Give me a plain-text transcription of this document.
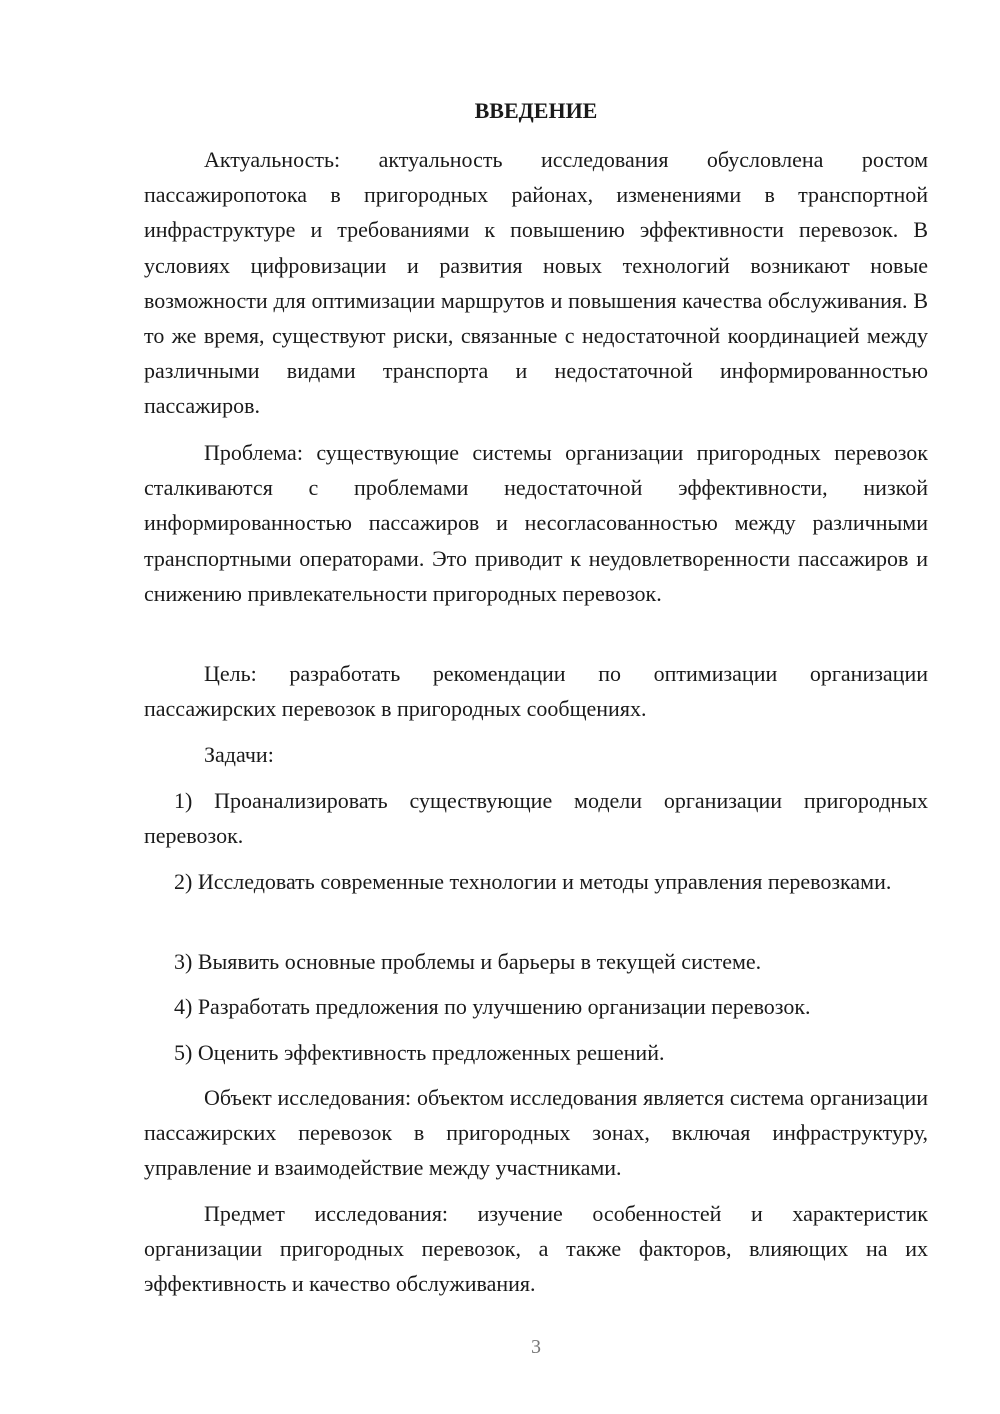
ВВЕДЕНИЕ

Актуальность: актуальность исследования обусловлена ростом пассажиропотока в пригородных районах, изменениями в транспортной инфраструктуре и требованиями к повышению эффективности перевозок. В условиях цифровизации и развития новых технологий возникают новые возможности для оптимизации маршрутов и повышения качества обслуживания. В то же время, существуют риски, связанные с недостаточной координацией между различными видами транспорта и недостаточной информированностью пассажиров.

Проблема: существующие системы организации пригородных перевозок сталкиваются с проблемами недостаточной эффективности, низкой информированностью пассажиров и несогласованностью между различными транспортными операторами. Это приводит к неудовлетворенности пассажиров и снижению привлекательности пригородных перевозок.

Цель: разработать рекомендации по оптимизации организации пассажирских перевозок в пригородных сообщениях.

Задачи:

1) Проанализировать существующие модели организации пригородных перевозок.

2) Исследовать современные технологии и методы управления перевозками.

3) Выявить основные проблемы и барьеры в текущей системе.

4) Разработать предложения по улучшению организации перевозок.

5) Оценить эффективность предложенных решений.

Объект исследования: объектом исследования является система организации пассажирских перевозок в пригородных зонах, включая инфраструктуру, управление и взаимодействие между участниками.

Предмет исследования: изучение особенностей и характеристик организации пригородных перевозок, а также факторов, влияющих на их эффективность и качество обслуживания.

3
